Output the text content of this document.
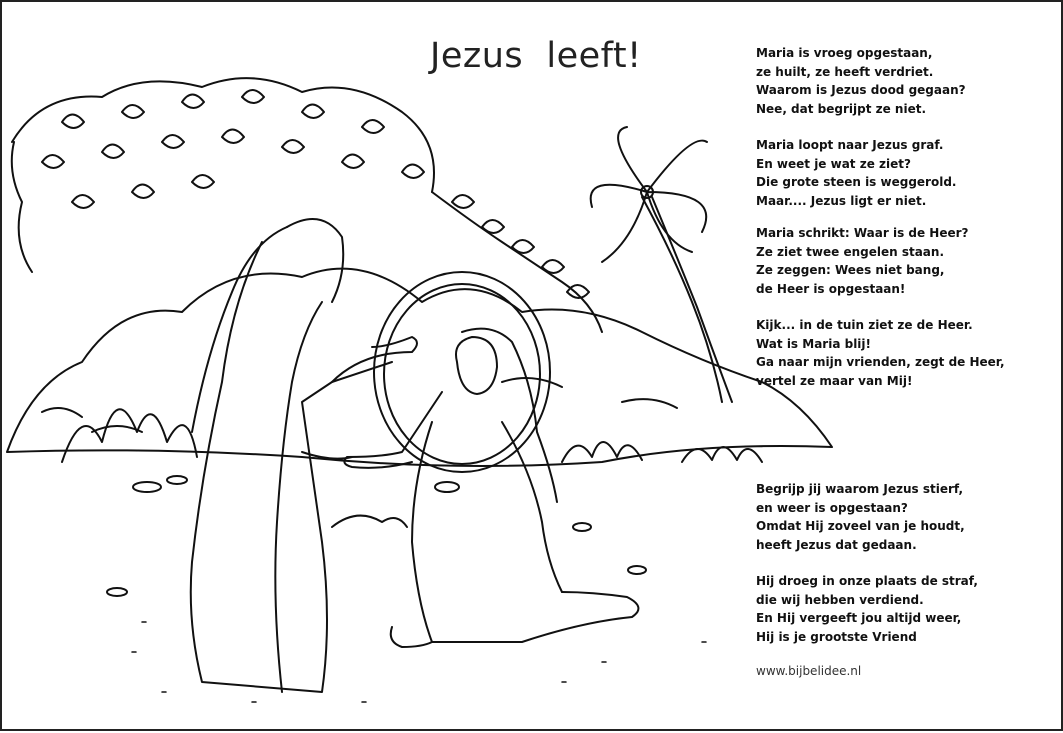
Jezus  leeft!	Maria is vroeg opgestaan,
ze huilt, ze heeft verdriet.
Waarom is Jezus dood gegaan?
Nee, dat begrijpt ze niet.
Maria loopt naar Jezus graf.
En weet je wat ze ziet?
Die grote steen is weggerold.
Maar.... Jezus ligt er niet.
Maria schrikt: Waar is de Heer?
Ze ziet twee engelen staan.
Ze zeggen: Wees niet bang,
de Heer is opgestaan!
Kijk... in de tuin ziet ze de Heer.
Wat is Maria blij!
Ga naar mijn vrienden, zegt de Heer,
vertel ze maar van Mij!
Begrijp jij waarom Jezus stierf,
en weer is opgestaan?
Omdat Hij zoveel van je houdt,
heeft Jezus dat gedaan.
Hij droeg in onze plaats de straf,
die wij hebben verdiend.
En Hij vergeeft jou altijd weer,
Hij is je grootste Vriend
www.bijbelidee.nl
